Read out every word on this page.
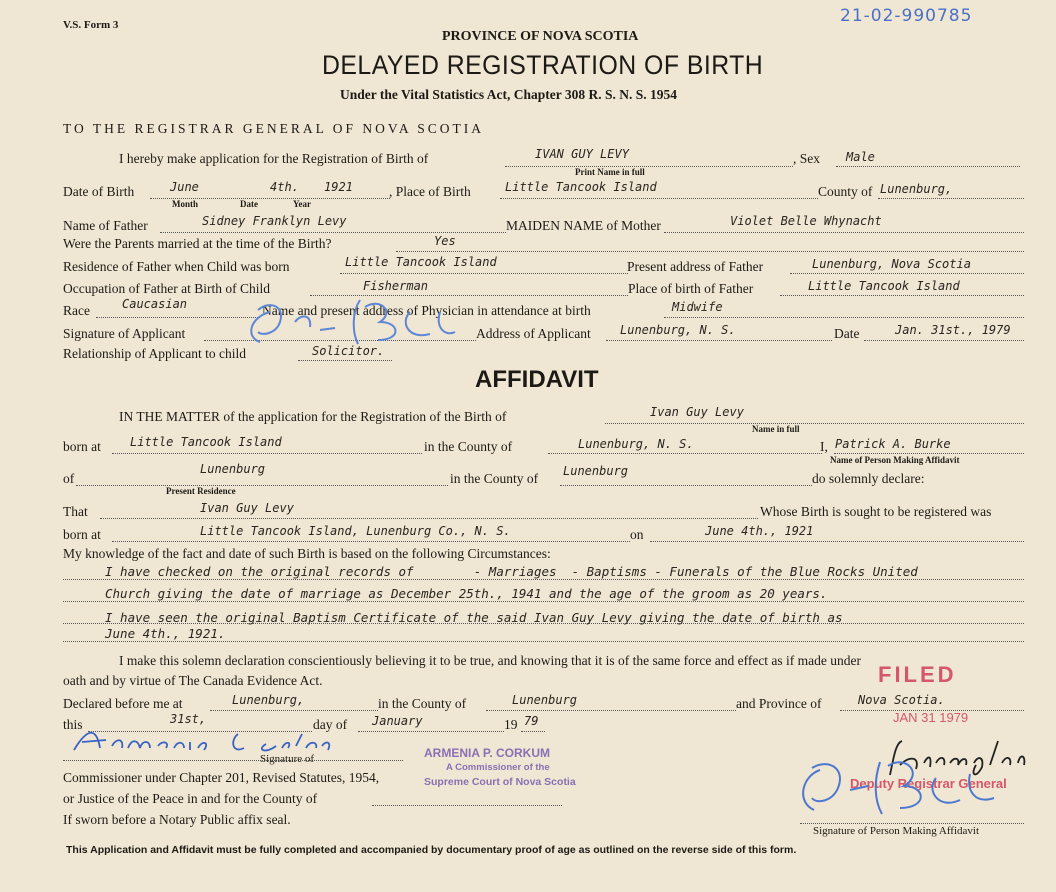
V.S. Form 3	21-02-990785
PROVINCE OF NOVA SCOTIA
DELAYED REGISTRATION OF BIRTH
Under the Vital Statistics Act, Chapter 308 R. S. N. S. 1954
TO THE REGISTRAR GENERAL OF NOVA SCOTIA
I hereby make application for the Registration of Birth of	IVAN GUY LEVY
Print Name in full
, Sex Male
Date of Birth	June	4th. 1921
Month	Date	Year
, Place of Birth	Little Tancook Island	County of Lunenburg,
Name of Father	Sidney Franklyn Levy	MAIDEN NAME of Mother	Violet Belle Whynacht
Were the Parents married at the time of the Birth?	Yes
Residence of Father when Child was born	Little Tancook Island	Present address of Father	Lunenburg, Nova Scotia
Occupation of Father at Birth of Child	Fisherman	Place of birth of Father	Little Tancook Island
Race	Caucasian	Name and present address of Physician in attendance at birth	Midwife
Signature of Applicant	Address of Applicant Lunenburg, N. S.	Date	Jan. 31st., 1979
Relationship of Applicant to child	Solicitor.
AFFIDAVIT
IN THE MATTER of the application for the Registration of the Birth of	Ivan Guy Levy
Name in full
born at Little Tancook Island	in the County of	Lunenburg, N. S.	I, Patrick A. Burke
Name of Person Making Affidavit
of
Lunenburg
Present Residence
in the County of Lunenburg	do solemnly declare:
That	Ivan Guy Levy	Whose Birth is sought to be registered was
born at	Little Tancook Island, Lunenburg Co., N. S.	on	June 4th., 1921
My knowledge of the fact and date of such Birth is based on the following Circumstances:
I have checked on the original records of        - Marriages  - Baptisms - Funerals of the Blue Rocks United
Church giving the date of marriage as December 25th., 1941 and the age of the groom as 20 years.
I have seen the original Baptism Certificate of the said Ivan Guy Levy giving the date of birth as
June 4th., 1921.
I make this solemn declaration conscientiously believing it to be true, and knowing that it is of the same force and effect as if made under
oath and by virtue of The Canada Evidence Act.
Declared before me at	Lunenburg,	in the County of	Lunenburg	and Province of	Nova Scotia.
this	31st,	day of January	19 79
Signature of
Commissioner under Chapter 201, Revised Statutes, 1954,
or Justice of the Peace in and for the County of
If sworn before a Notary Public affix seal.
ARMENIA P. CORKUM
A Commissioner of the
Supreme Court of Nova Scotia
FILED
JAN 31 1979
Deputy Registrar General
Signature of Person Making Affidavit
This Application and Affidavit must be fully completed and accompanied by documentary proof of age as outlined on the reverse side of this form.
